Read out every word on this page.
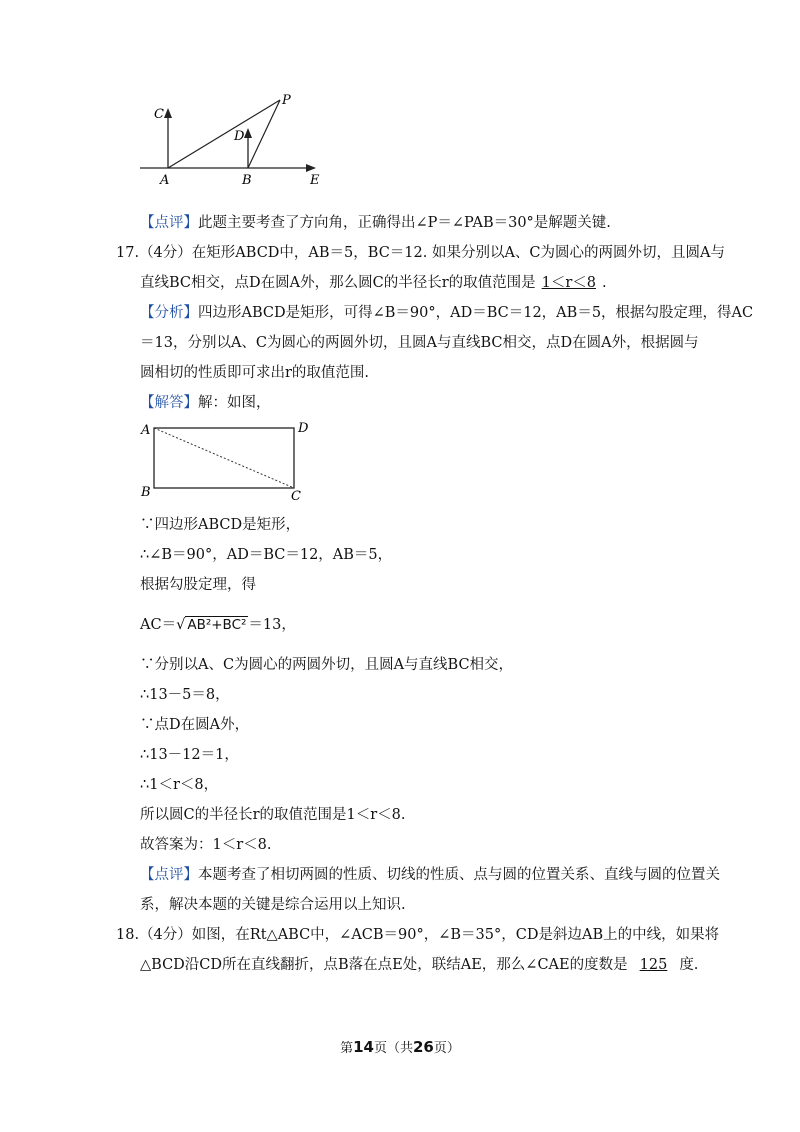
C
P
D
A	B	E
【点评】此题主要考查了方向角，正确得出∠P＝∠PAB＝30°是解题关键.
17.（4分）在矩形ABCD中，AB＝5，BC＝12. 如果分别以A、C为圆心的两圆外切，且圆A与
直线BC相交，点D在圆A外，那么圆C的半径长r的取值范围是 1＜r＜8 .
【分析】四边形ABCD是矩形，可得∠B＝90°，AD＝BC＝12，AB＝5，根据勾股定理，得AC
＝13，分别以A、C为圆心的两圆外切，且圆A与直线BC相交，点D在圆A外，根据圆与
圆相切的性质即可求出r的取值范围.
【解答】解：如图，
A	D
B	C
∵四边形ABCD是矩形，
∴∠B＝90°，AD＝BC＝12，AB＝5，
根据勾股定理，得
AC＝√ AB²+BC² ＝13，
∵分别以A、C为圆心的两圆外切，且圆A与直线BC相交，
∴13－5＝8，
∵点D在圆A外，
∴13－12＝1，
∴1＜r＜8，
所以圆C的半径长r的取值范围是1＜r＜8.
故答案为：1＜r＜8.
【点评】本题考查了相切两圆的性质、切线的性质、点与圆的位置关系、直线与圆的位置关
系，解决本题的关键是综合运用以上知识.
18.（4分）如图，在Rt△ABC中，∠ACB＝90°，∠B＝35°，CD是斜边AB上的中线，如果将
△BCD沿CD所在直线翻折，点B落在点E处，联结AE，那么∠CAE的度数是 125 度.
第14页（共26页）
